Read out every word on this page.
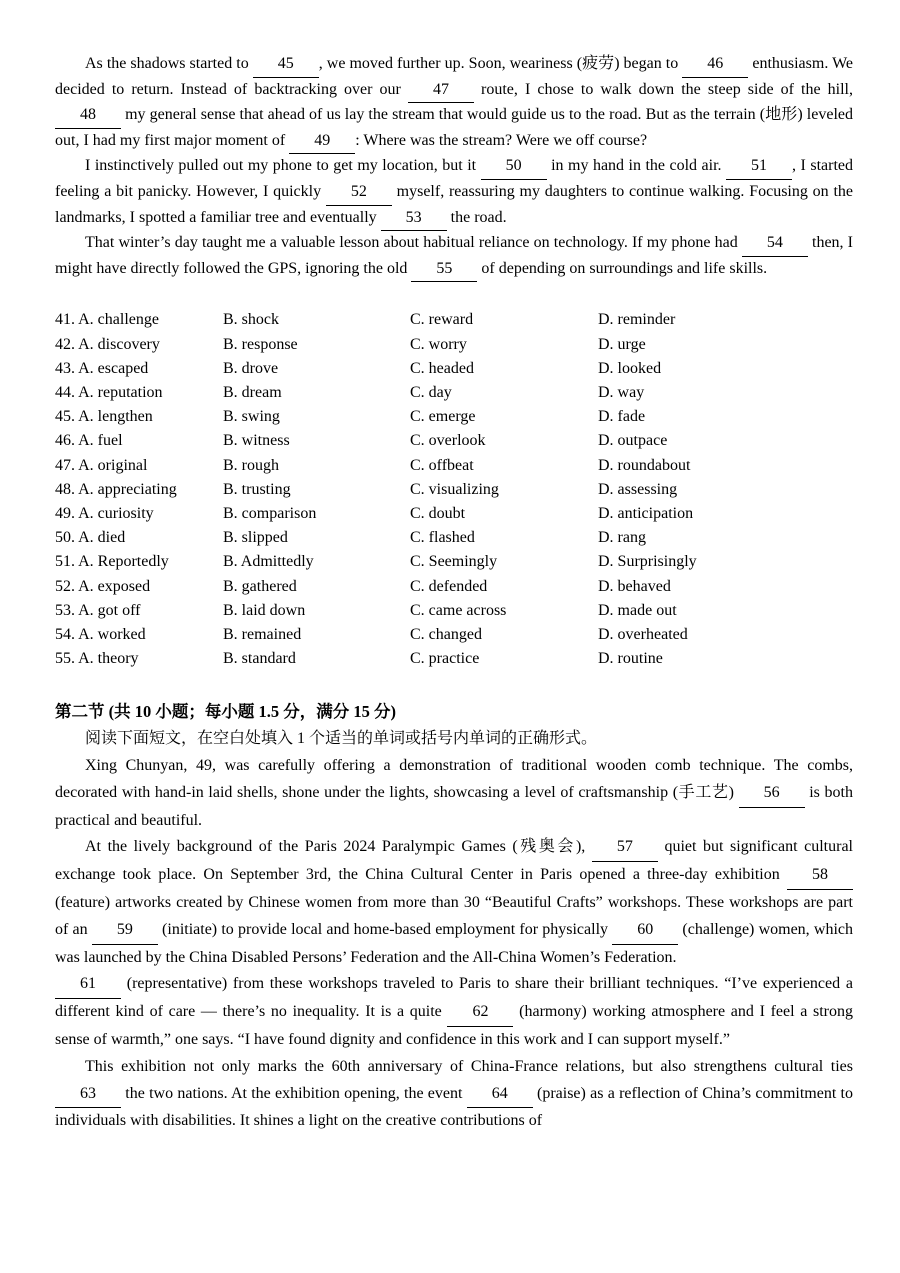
As the shadows started to 45 , we moved further up. Soon, weariness (疲劳) began to 46 enthusiasm. We decided to return. Instead of backtracking over our 47 route, I chose to walk down the steep side of the hill, 48 my general sense that ahead of us lay the stream that would guide us to the road. But as the terrain (地形) leveled out, I had my first major moment of 49 : Where was the stream? Were we off course?

I instinctively pulled out my phone to get my location, but it 50 in my hand in the cold air. 51 , I started feeling a bit panicky. However, I quickly 52 myself, reassuring my daughters to continue walking. Focusing on the landmarks, I spotted a familiar tree and eventually 53 the road.

That winter’s day taught me a valuable lesson about habitual reliance on technology. If my phone had 54 then, I might have directly followed the GPS, ignoring the old 55 of depending on surroundings and life skills.

41. A. challenge	B. shock	C. reward	D. reminder
42. A. discovery	B. response	C. worry	D. urge
43. A. escaped	B. drove	C. headed	D. looked
44. A. reputation	B. dream	C. day	D. way
45. A. lengthen	B. swing	C. emerge	D. fade
46. A. fuel	B. witness	C. overlook	D. outpace
47. A. original	B. rough	C. offbeat	D. roundabout
48. A. appreciating	B. trusting	C. visualizing	D. assessing
49. A. curiosity	B. comparison	C. doubt	D. anticipation
50. A. died	B. slipped	C. flashed	D. rang
51. A. Reportedly	B. Admittedly	C. Seemingly	D. Surprisingly
52. A. exposed	B. gathered	C. defended	D. behaved
53. A. got off	B. laid down	C. came across	D. made out
54. A. worked	B. remained	C. changed	D. overheated
55. A. theory	B. standard	C. practice	D. routine
第二节 (共 10 小题；每小题 1.5 分，满分 15 分)

阅读下面短文，在空白处填入 1 个适当的单词或括号内单词的正确形式。

Xing Chunyan, 49, was carefully offering a demonstration of traditional wooden comb technique. The combs, decorated with hand-in laid shells, shone under the lights, showcasing a level of craftsmanship (手工艺) 56 is both practical and beautiful.

At the lively background of the Paris 2024 Paralympic Games (残奥会), 57 quiet but significant cultural exchange took place. On September 3rd, the China Cultural Center in Paris opened a three-day exhibition 58 (feature) artworks created by Chinese women from more than 30 “Beautiful Crafts” workshops. These workshops are part of an 59 (initiate) to provide local and home-based employment for physically 60 (challenge) women, which was launched by the China Disabled Persons’ Federation and the All-China Women’s Federation.

61 (representative) from these workshops traveled to Paris to share their brilliant techniques. “I’ve experienced a different kind of care — there’s no inequality. It is a quite 62 (harmony) working atmosphere and I feel a strong sense of warmth,” one says. “I have found dignity and confidence in this work and I can support myself.”

This exhibition not only marks the 60th anniversary of China-France relations, but also strengthens cultural ties 63 the two nations. At the exhibition opening, the event 64 (praise) as a reflection of China’s commitment to individuals with disabilities. It shines a light on the creative contributions of
